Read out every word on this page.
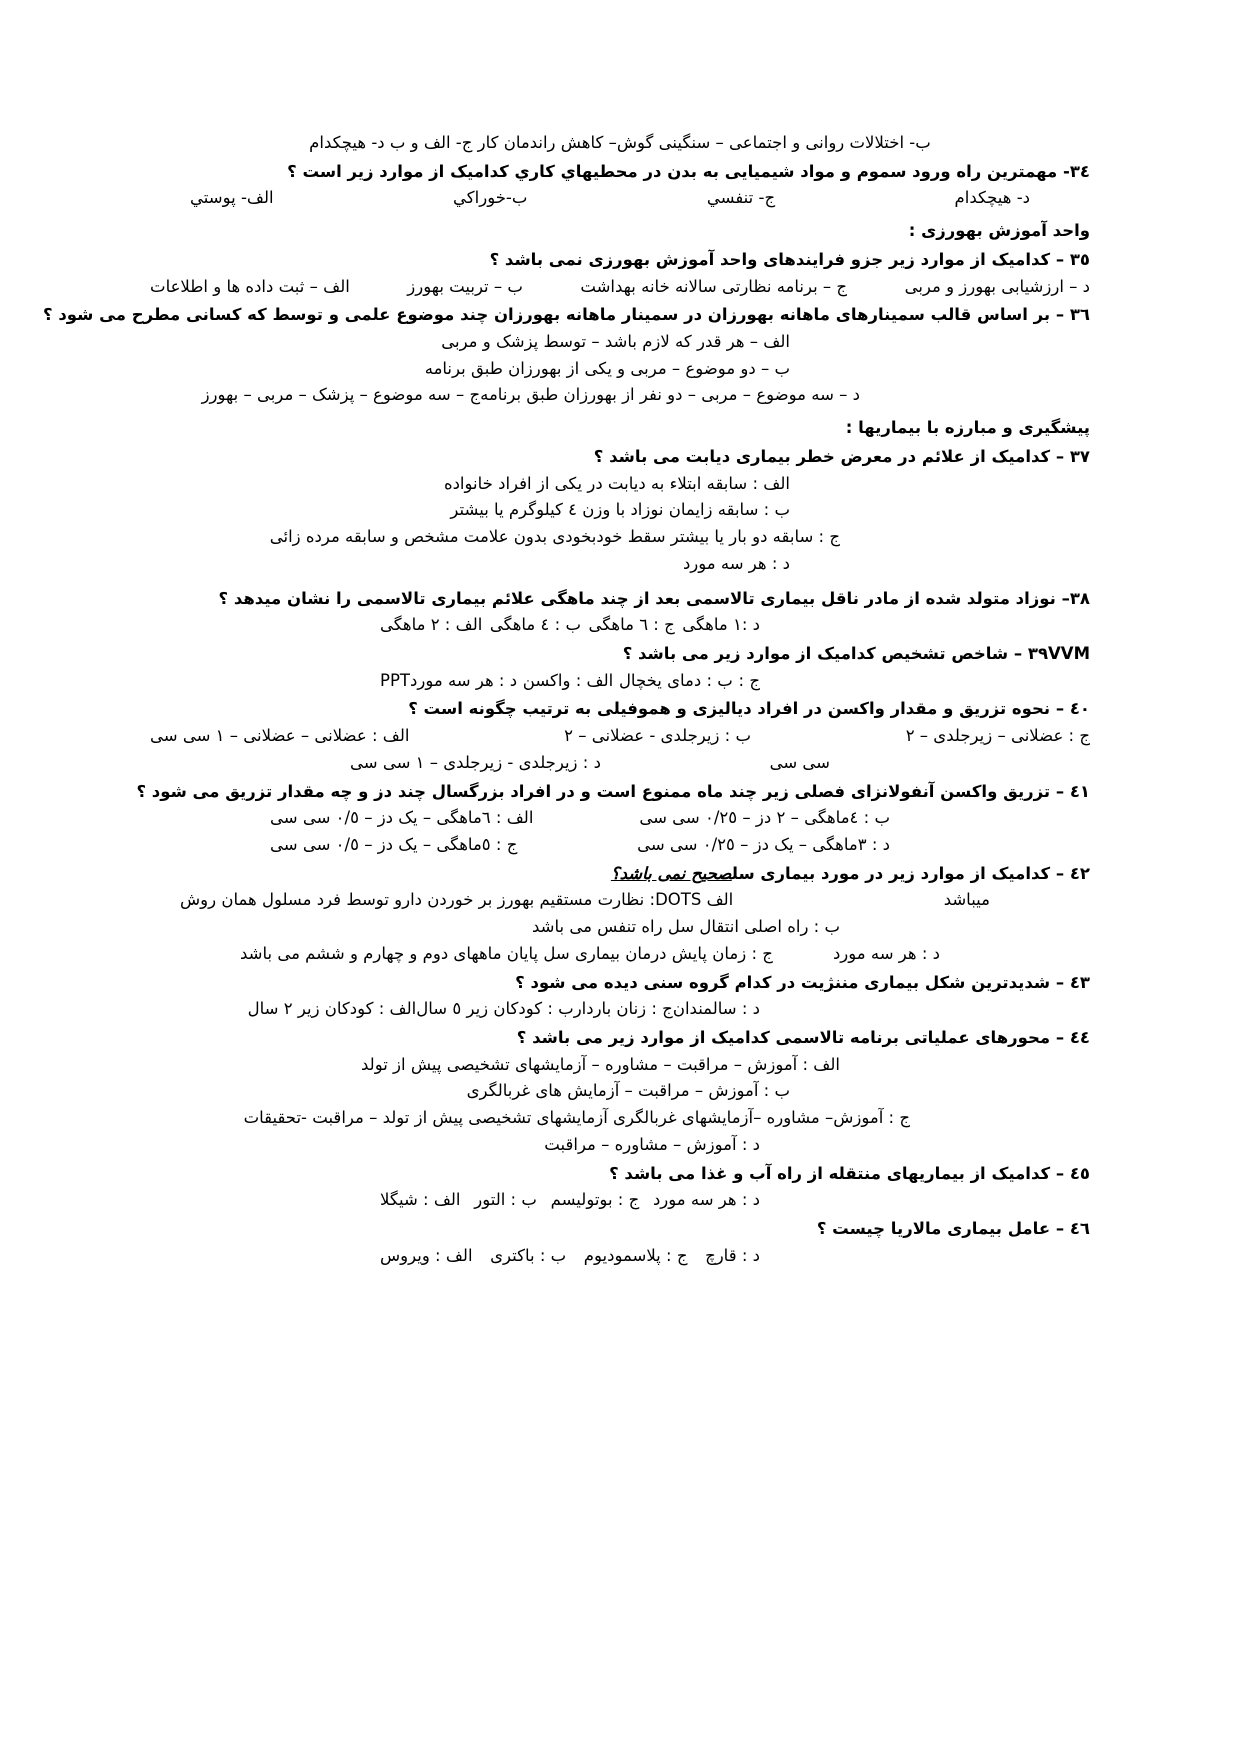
ب- اختلالات روانی و اجتماعی – سنگینی گوش– کاهش راندمان کار ج- الف و ب د- هیچکدام
٣٤- مهمترین راه ورود سموم و مواد شیمیایی به بدن در محطیهاي کاري کدامیک از موارد زیر است ؟
د- هیچکدام
ج- تنفسي
ب-خوراكي
الف- پوستي
واحد آموزش بهورزی :
٣٥ – کدامیک از موارد زیر جزو فرایندهای واحد آموزش بهورزی نمی باشد ؟
د – ارزشیابی بهورز و مربی
ج – برنامه نظارتی سالانه خانه بهداشت
ب – تربیت بهورز
الف – ثبت داده ها و اطلاعات
٣٦ – بر اساس قالب سمینارهای ماهانه بهورزان در سمینار ماهانه بهورزان چند موضوع علمی و توسط که کسانی مطرح می شود ؟
الف – هر قدر که لازم باشد – توسط پزشک و مربی
ب – دو موضوع – مربی و یکی از بهورزان طبق برنامه
د – سه موضوع – مربی – دو نفر از بهورزان طبق برنامه
ج – سه موضوع – پزشک – مربی – بهورز
پیشگیری و مبارزه با بیماریها :
٣٧ – کدامیک از علائم در معرض خطر بیماری دیابت می باشد ؟
الف : سابقه ابتلاء به دیابت در یکی از افراد خانواده
ب : سابقه زایمان نوزاد با وزن ٤ کیلوگرم یا بیشتر
ج : سابقه دو بار یا بیشتر سقط خودبخودی بدون علامت مشخص و سابقه مرده زائی
د : هر سه مورد
٣٨– نوزاد متولد شده از مادر ناقل بیماری تالاسمی بعد از چند ماهگی علائم بیماری تالاسمی را نشان میدهد ؟
د :١ ماهگی
ج : ٦ ماهگی
ب : ٤ ماهگی
الف : ٢ ماهگی
٣٩VVM – شاخص تشخیص کدامیک از موارد زیر می باشد ؟
ج :
ب : دمای یخچال
الف : واکسن
د : هر سه موردPPT
٤٠ – نحوه تزریق و مقدار واکسن در افراد دیالیزی و هموفیلی به ترتیب چگونه است ؟
ج : عضلانی – زیرجلدی – ٢
ب : زیرجلدی - عضلانی – ٢
الف : عضلانی – عضلانی – ١ سی سی
سی سی
د : زیرجلدی - زیرجلدی – ١ سی سی
٤١ – تزریق واکسن آنفولانزای فصلی زیر چند ماه ممنوع است و در افراد بزرگسال چند دز و چه مقدار تزریق می شود ؟
ب : ٤ماهگی – ٢ دز – ٠/٢٥ سی سی
الف : ٦ماهگی – یک دز – ٠/٥ سی سی
د : ٣ماهگی – یک دز – ٠/٢٥ سی سی
ج : ٥ماهگی – یک دز – ٠/٥ سی سی
٤٢ – کدامیک از موارد زیر در مورد بیماری سلصحیح نمی باشد؟
میباشد
الف DOTS: نظارت مستقیم بهورز بر خوردن دارو توسط فرد مسلول همان روش
ب : راه اصلی انتقال سل راه تنفس می باشد
د : هر سه مورد
ج : زمان پایش درمان بیماری سل پایان ماههای دوم و چهارم و ششم می باشد
٤٣ – شدیدترین شکل بیماری مننژیت در کدام گروه سنی دیده می شود ؟
د : سالمندان
ج : زنان باردار
ب : کودکان زیر ٥ سال
الف : کودکان زیر ٢ سال
٤٤ – محورهای عملیاتی برنامه تالاسمی کدامیک از موارد زیر می باشد ؟
الف : آموزش – مراقبت – مشاوره – آزمایشهای تشخیصی پیش از تولد
ب : آموزش – مراقبت – آزمایش های غربالگری
ج : آموزش– مشاوره –آزمایشهای غربالگری آزمایشهای تشخیصی پیش از تولد – مراقبت -تحقیقات
د : آموزش – مشاوره – مراقبت
٤٥ – کدامیک از بیماریهای منتقله از راه آب و غذا می باشد ؟
د : هر سه مورد
ج : بوتولیسم
ب : التور
الف : شیگلا
٤٦ – عامل بیماری مالاریا چیست ؟
د : قارچ
ج : پلاسمودیوم
ب : باکتری
الف : ویروس
